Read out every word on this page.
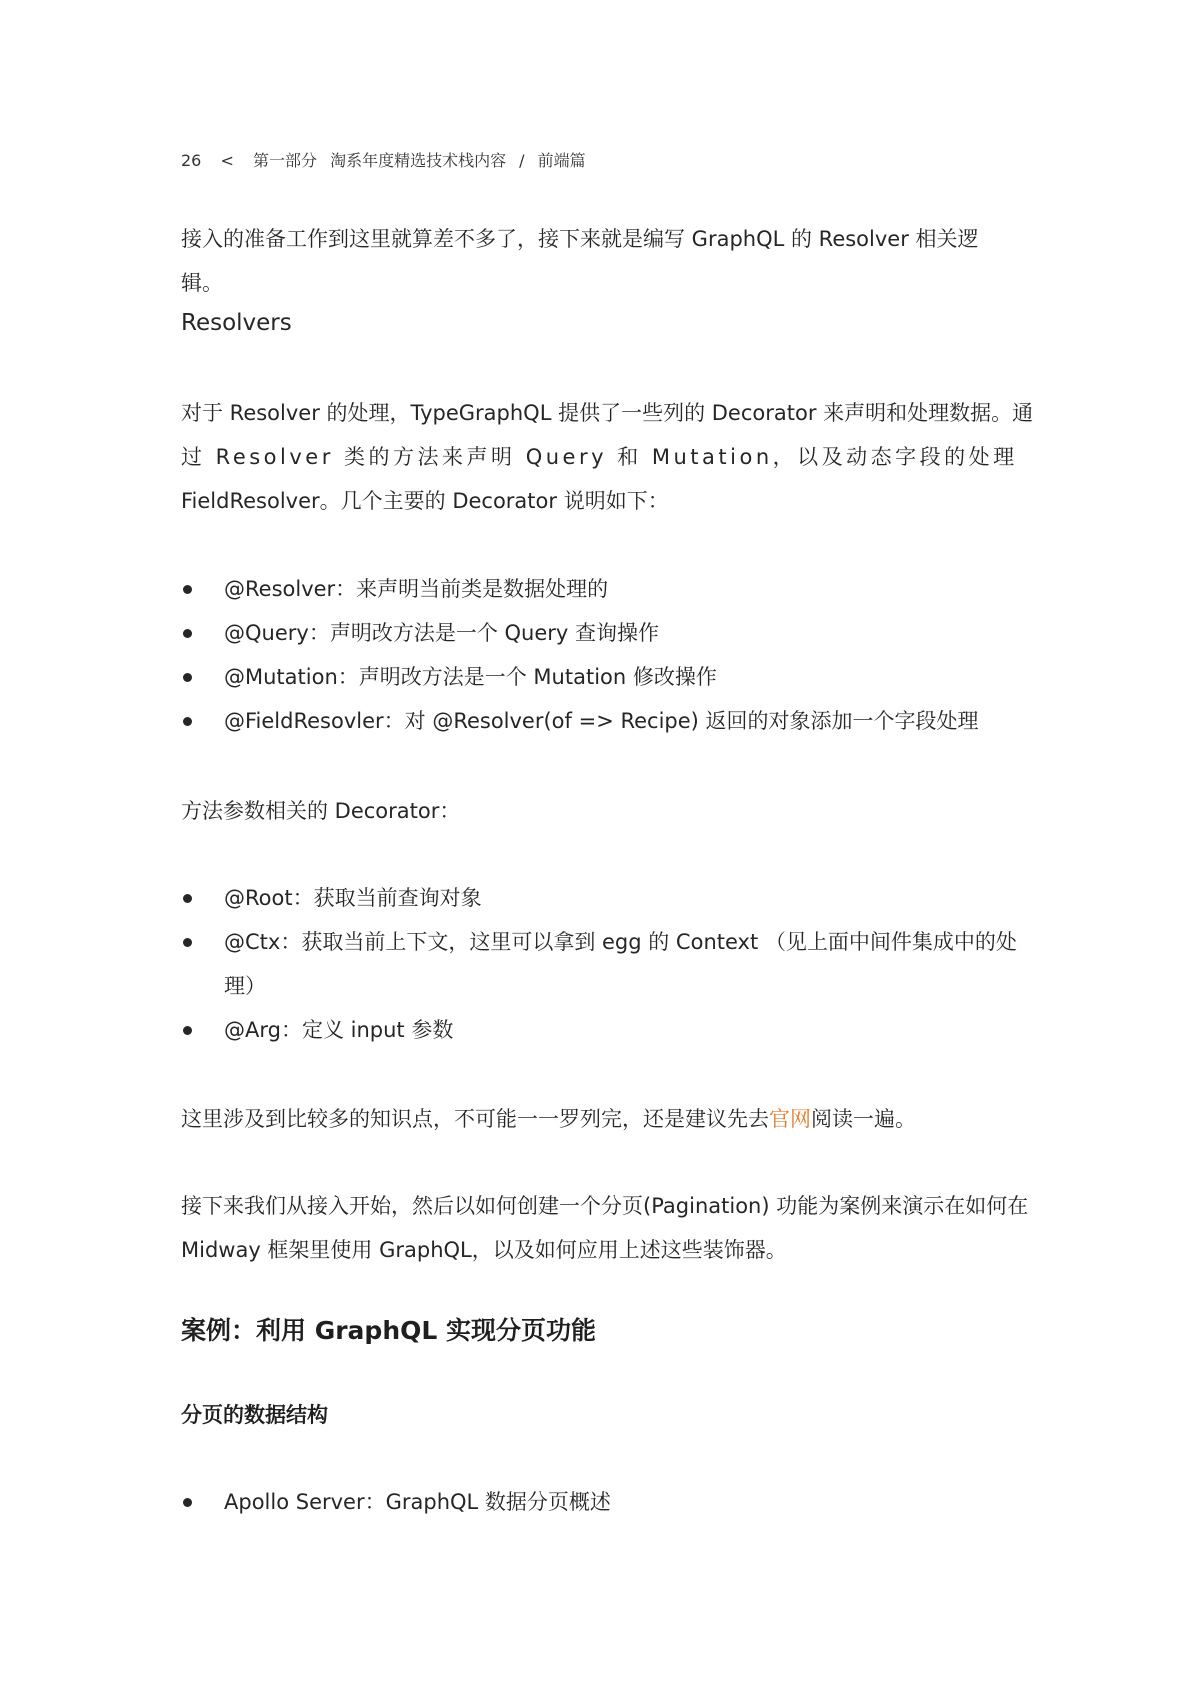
26 < 第一部分 淘系年度精选技术栈内容 / 前端篇
接入的准备工作到这里就算差不多了，接下来就是编写 GraphQL 的 Resolver 相关逻辑。
Resolvers
对于 Resolver 的处理，TypeGraphQL 提供了一些列的 Decorator 来声明和处理数据。通
过 Resolver 类的方法来声明 Query 和 Mutation，以及动态字段的处理
FieldResolver。几个主要的 Decorator 说明如下：
@Resolver：来声明当前类是数据处理的
@Query：声明改方法是一个 Query 查询操作
@Mutation：声明改方法是一个 Mutation 修改操作
@FieldResovler：对 @Resolver(of => Recipe) 返回的对象添加一个字段处理
方法参数相关的 Decorator：
@Root：获取当前查询对象
@Ctx：获取当前上下文，这里可以拿到 egg 的 Context （见上面中间件集成中的处理）
@Arg：定义 input 参数
这里涉及到比较多的知识点，不可能一一罗列完，还是建议先去官网阅读一遍。
接下来我们从接入开始，然后以如何创建一个分页(Pagination) 功能为案例来演示在如何在
Midway 框架里使用 GraphQL，以及如何应用上述这些装饰器。
案例：利用 GraphQL 实现分页功能
分页的数据结构
Apollo Server：GraphQL 数据分页概述
